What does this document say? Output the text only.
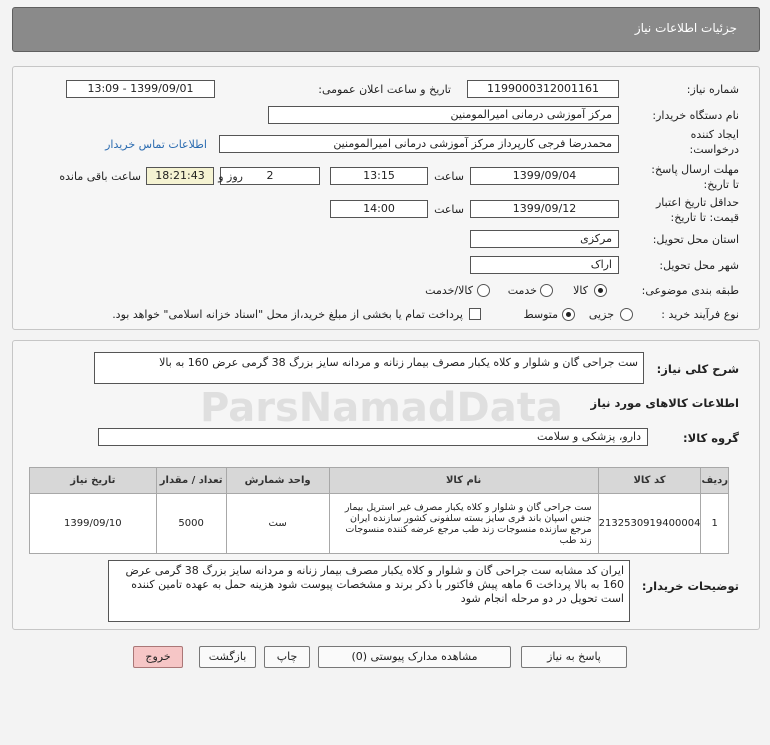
جزئیات اطلاعات نیاز
شماره نیاز:
1199000312001161
تاریخ و ساعت اعلان عمومی:
1399/09/01 - 13:09
نام دستگاه خریدار:
مرکز آموزشی درمانی امیرالمومنین
ایجاد کننده
درخواست:
محمدرضا فرجی کارپرداز مرکز آموزشی درمانی امیرالمومنین
اطلاعات تماس خریدار
مهلت ارسال پاسخ:
تا تاریخ:
1399/09/04
ساعت
13:15
2
روز و
18:21:43
ساعت باقی مانده
حداقل تاریخ اعتبار
قیمت: تا تاریخ:
1399/09/12
ساعت
14:00
استان محل تحویل:
مرکزی
شهر محل تحویل:
اراک
طبقه بندی موضوعی:
کالا
خدمت
کالا/خدمت
نوع فرآیند خرید :
جزیی
متوسط
پرداخت تمام یا بخشی از مبلغ خرید،از محل "اسناد خزانه اسلامی" خواهد بود.
شرح کلی نیاز:
ست جراحی گان و شلوار و کلاه یکبار مصرف بیمار زنانه و مردانه سایز بزرگ 38 گرمی عرض 160 به بالا
اطلاعات کالاهای مورد نیاز
گروه کالا:
دارو، پزشکی و سلامت
ردیف	کد کالا	نام کالا	واحد شمارش	تعداد / مقدار	تاریخ نیاز
1	2132530919400004	ست جراحی گان و شلوار و کلاه یکبار مصرف غیر استریل بیمار جنس اسپان باند فری سایز بسته سلفونی کشور سازنده ایران مرجع سازنده منسوجات زند طب مرجع عرضه کننده منسوجات زند طب	ست	5000	1399/09/10
توضیحات خریدار:
ایران کد مشابه ست جراحی گان و شلوار و کلاه یکبار مصرف بیمار زنانه و مردانه سایز بزرگ 38 گرمی عرض 160 به بالا پرداخت 6 ماهه پیش فاکتور با ذکر برند و مشخصات پیوست شود هزینه حمل به عهده تامین کننده است تحویل در دو مرحله انجام شود
پاسخ به نیاز
مشاهده مدارک پیوستی (0)
چاپ
بازگشت
خروج
